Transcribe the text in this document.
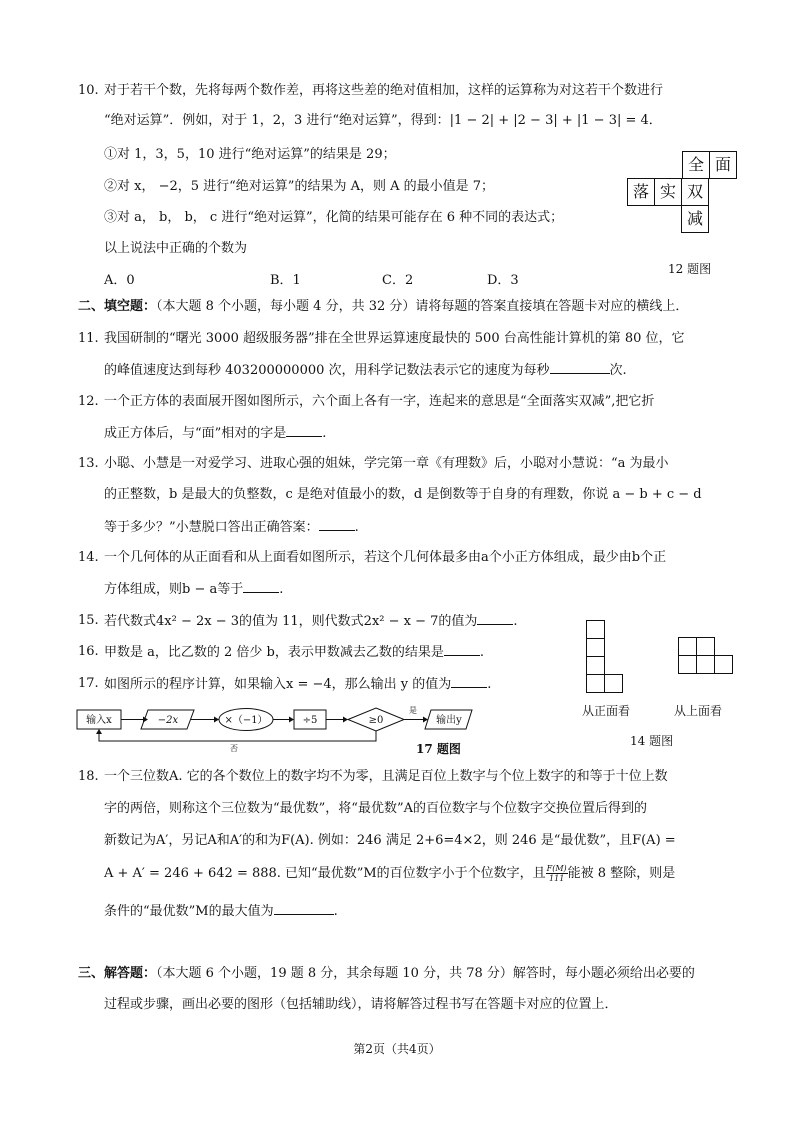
10. 对于若干个数，先将每两个数作差，再将这些差的绝对值相加，这样的运算称为对这若干个数进行
“绝对运算”．例如，对于 1，2，3 进行“绝对运算”，得到：|1 − 2| + |2 − 3| + |1 − 3| = 4．
①对 1，3，5，10 进行“绝对运算”的结果是 29；
②对 x， −2，5 进行“绝对运算”的结果为 A，则 A 的最小值是 7；
③对 a， b， b， c 进行“绝对运算”，化简的结果可能存在 6 种不同的表达式；
以上说法中正确的个数为
A．0	B．1	C．2	D．3
全 面
落 实 双
减
12 题图
二、填空题：（本大题 8 个小题，每小题 4 分，共 32 分）请将每题的答案直接填在答题卡对应的横线上．
11. 我国研制的“曙光 3000 超级服务器”排在全世界运算速度最快的 500 台高性能计算机的第 80 位，它
的峰值速度达到每秒 403200000000 次，用科学记数法表示它的速度为每秒	次.
12. 一个正方体的表面展开图如图所示，六个面上各有一字，连起来的意思是“全面落实双减”,把它折
成正方体后，与“面”相对的字是	.
13. 小聪、小慧是一对爱学习、进取心强的姐妹，学完第一章《有理数》后，小聪对小慧说：“a 为最小
的正整数，b 是最大的负整数，c 是绝对值最小的数，d 是倒数等于自身的有理数，你说 a − b + c − d
等于多少？”小慧脱口答出正确答案：	.
14. 一个几何体的从正面看和从上面看如图所示，若这个几何体最多由a个小正方体组成，最少由b个正
方体组成，则b − a等于	.
15. 若代数式4x² − 2x − 3的值为 11，则代数式2x² − x − 7的值为	.
16. 甲数是 a，比乙数的 2 倍少 b，表示甲数减去乙数的结果是	.
17. 如图所示的程序计算，如果输入x = −4，那么输出 y 的值为	.
从正面看	从上面看
14 题图
输入x	−2x	×（−1）	÷5	≥0
是
输出y
否	17 题图
18. 一个三位数A. 它的各个数位上的数字均不为零，且满足百位上数字与个位上数字的和等于十位上数
字的两倍，则称这个三位数为“最优数”，将“最优数”A的百位数字与个位数字交换位置后得到的
新数记为A′，另记A和A′的和为F(A). 例如：246 满足 2+6=4×2，则 246 是“最优数”，且F(A) =
A + A′ = 246 + 642 = 888. 已知“最优数”M的百位数字小于个位数字，且 $\frac{F(M)}{111}$ 能被 8 整除，则是
条件的“最优数”M的最大值为	.
三、解答题：（本大题 6 个小题，19 题 8 分，其余每题 10 分，共 78 分）解答时，每小题必须给出必要的
过程或步骤，画出必要的图形（包括辅助线），请将解答过程书写在答题卡对应的位置上．
第2页（共4页）
